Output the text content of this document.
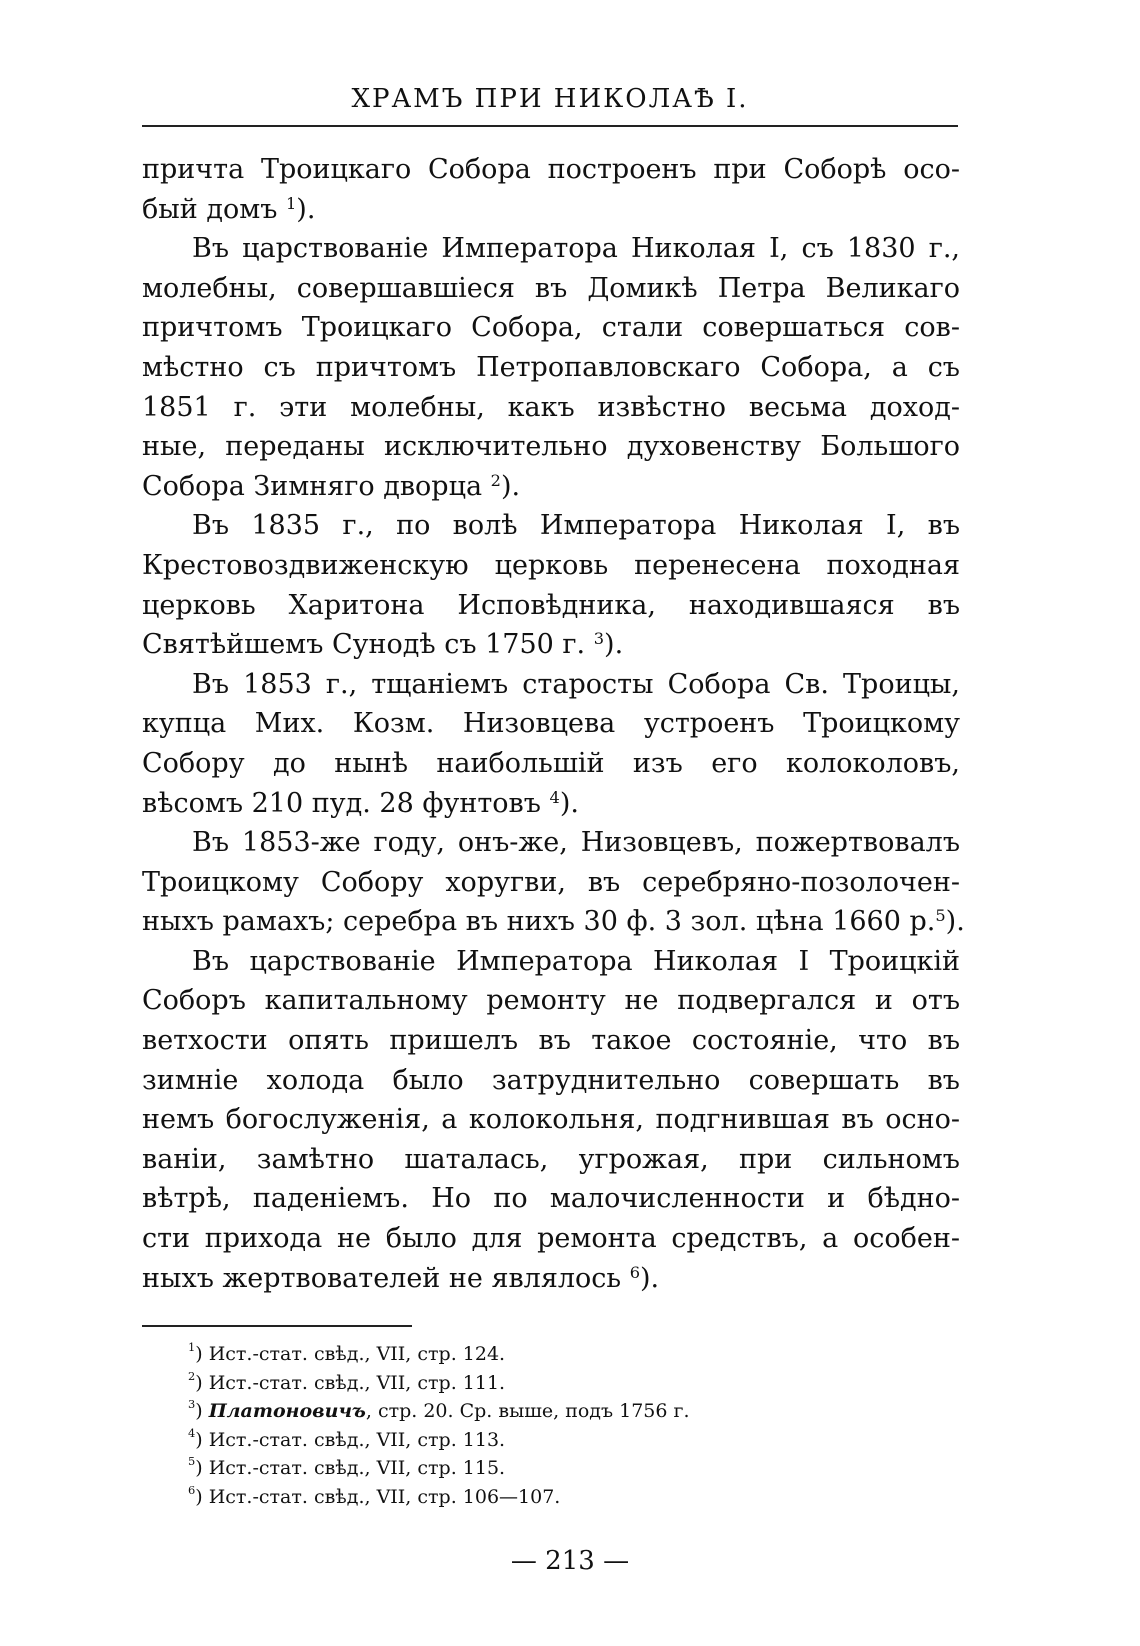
ХРАМЪ ПРИ НИКОЛАѢ I.
причта Троицкаго Собора построенъ при Соборѣ осо-
бый домъ $^1$).
Въ царствованіе Императора Николая I, съ 1830 г.,
молебны, совершавшіеся въ Домикѣ Петра Великаго
причтомъ Троицкаго Собора, стали совершаться сов-
мѣстно съ причтомъ Петропавловскаго Собора, а съ
1851 г. эти молебны, какъ извѣстно весьма доход-
ные, переданы исключительно духовенству Большого
Собора Зимняго дворца $^2$).
Въ 1835 г., по волѣ Императора Николая I, въ
Крестовоздвиженскую церковь перенесена походная
церковь Харитона Исповѣдника, находившаяся въ
Святѣйшемъ Сунодѣ съ 1750 г. $^3$).
Въ 1853 г., тщаніемъ старосты Собора Св. Троицы,
купца Мих. Козм. Низовцева устроенъ Троицкому
Собору до нынѣ наибольшій изъ его колоколовъ,
вѣсомъ 210 пуд. 28 фунтовъ $^4$).
Въ 1853-же году, онъ-же, Низовцевъ, пожертвовалъ
Троицкому Собору хоругви, въ серебряно-позолочен-
ныхъ рамахъ; серебра въ нихъ 30 ф. 3 зол. цѣна 1660 р.$^5$).
Въ царствованіе Императора Николая I Троицкій
Соборъ капитальному ремонту не подвергался и отъ
ветхости опять пришелъ въ такое состояніе, что въ
зимніе холода было затруднительно совершать въ
немъ богослуженія, а колокольня, подгнившая въ осно-
ваніи, замѣтно шаталась, угрожая, при сильномъ
вѣтрѣ, паденіемъ. Но по малочисленности и бѣдно-
сти прихода не было для ремонта средствъ, а особен-
ныхъ жертвователей не являлось $^6$).
$^1$) Ист.-стат. свѣд., VII, стр. 124.
$^2$) Ист.-стат. свѣд., VII, стр. 111.
$^3$) Платоновичъ, стр. 20. Ср. выше, подъ 1756 г.
$^4$) Ист.-стат. свѣд., VII, стр. 113.
$^5$) Ист.-стат. свѣд., VII, стр. 115.
$^6$) Ист.-стат. свѣд., VII, стр. 106—107.
— 213 —
